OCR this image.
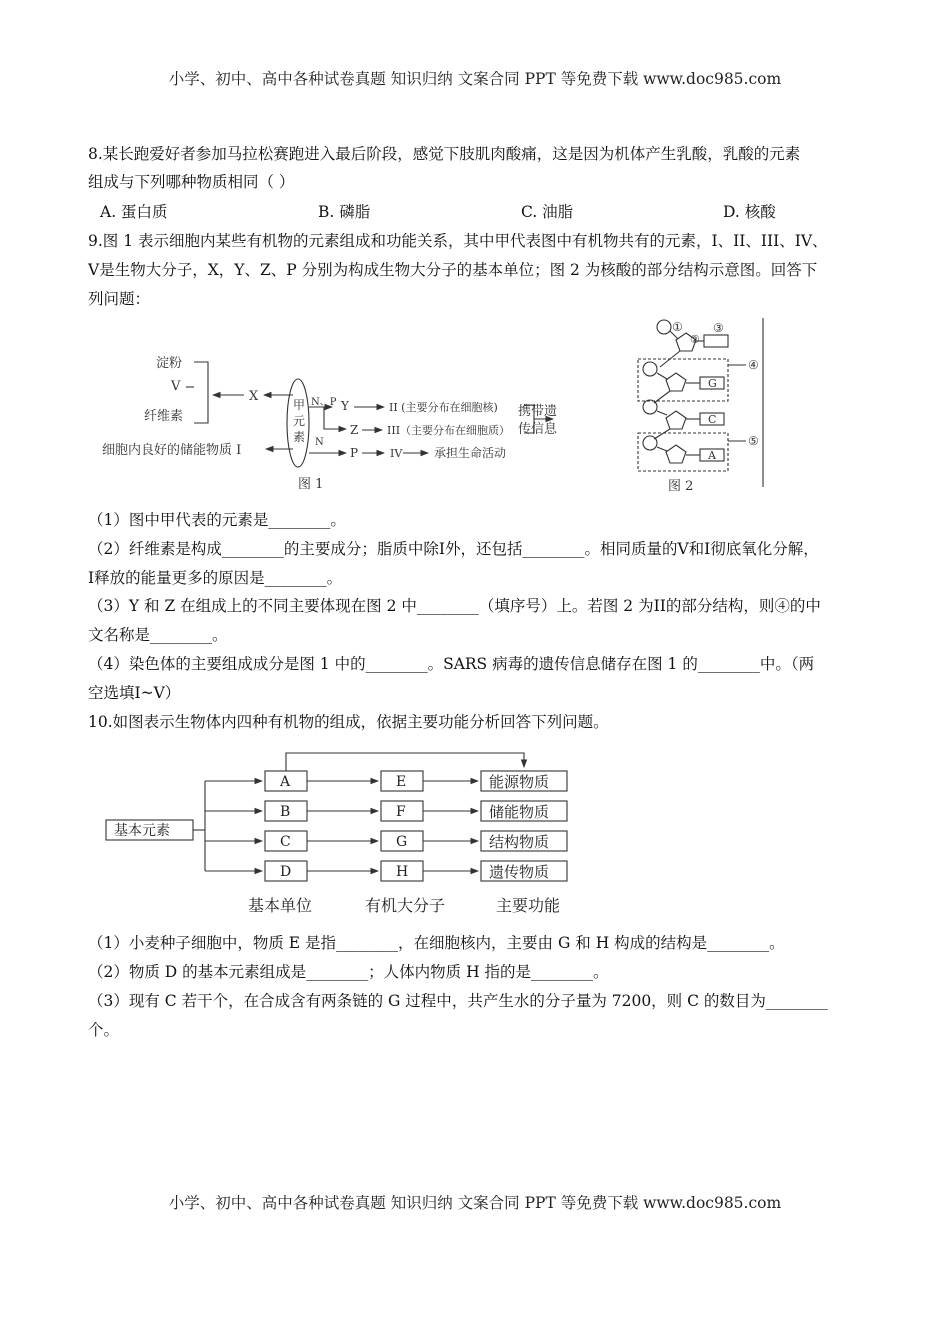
小学、初中、高中各种试卷真题 知识归纳 文案合同 PPT 等免费下载 www.doc985.com
8.某长跑爱好者参加马拉松赛跑进入最后阶段，感觉下肢肌肉酸痛，这是因为机体产生乳酸，乳酸的元素
组成与下列哪种物质相同（ ）
A. 蛋白质	B. 磷脂	C. 油脂	D. 核酸
9.图 1 表示细胞内某些有机物的元素组成和功能关系，其中甲代表图中有机物共有的元素，I、II、III、IV、
V是生物大分子，X，Y、Z、P 分别为构成生物大分子的基本单位；图 2 为核酸的部分结构示意图。回答下
列问题：
淀粉
V
纤维素
细胞内良好的储能物质 I
X	N、P
N
Y
Z
P
II (主要分布在细胞核)
III（主要分布在细胞质）
IV	承担生命活动
携带遗
传信息
图 1
甲
元
素
①
②
③
④
⑤
G
C
A
图 2
（1）图中甲代表的元素是________。
（2）纤维素是构成________的主要成分；脂质中除I外，还包括________。相同质量的V和I彻底氧化分解，
I释放的能量更多的原因是________。
（3）Y 和 Z 在组成上的不同主要体现在图 2 中________（填序号）上。若图 2 为II的部分结构，则④的中
文名称是________。
（4）染色体的主要组成成分是图 1 中的________。SARS 病毒的遗传信息储存在图 1 的________中。（两
空选填I~V）
10.如图表示生物体内四种有机物的组成，依据主要功能分析回答下列问题。
基本元素
A
B
C
D
E
F
G
H
能源物质
储能物质
结构物质
遗传物质
基本单位	有机大分子	主要功能
（1）小麦种子细胞中，物质 E 是指________，在细胞核内，主要由 G 和 H 构成的结构是________。
（2）物质 D 的基本元素组成是________；人体内物质 H 指的是________。
（3）现有 C 若干个，在合成含有两条链的 G 过程中，共产生水的分子量为 7200，则 C 的数目为________
个。
小学、初中、高中各种试卷真题 知识归纳 文案合同 PPT 等免费下载 www.doc985.com
